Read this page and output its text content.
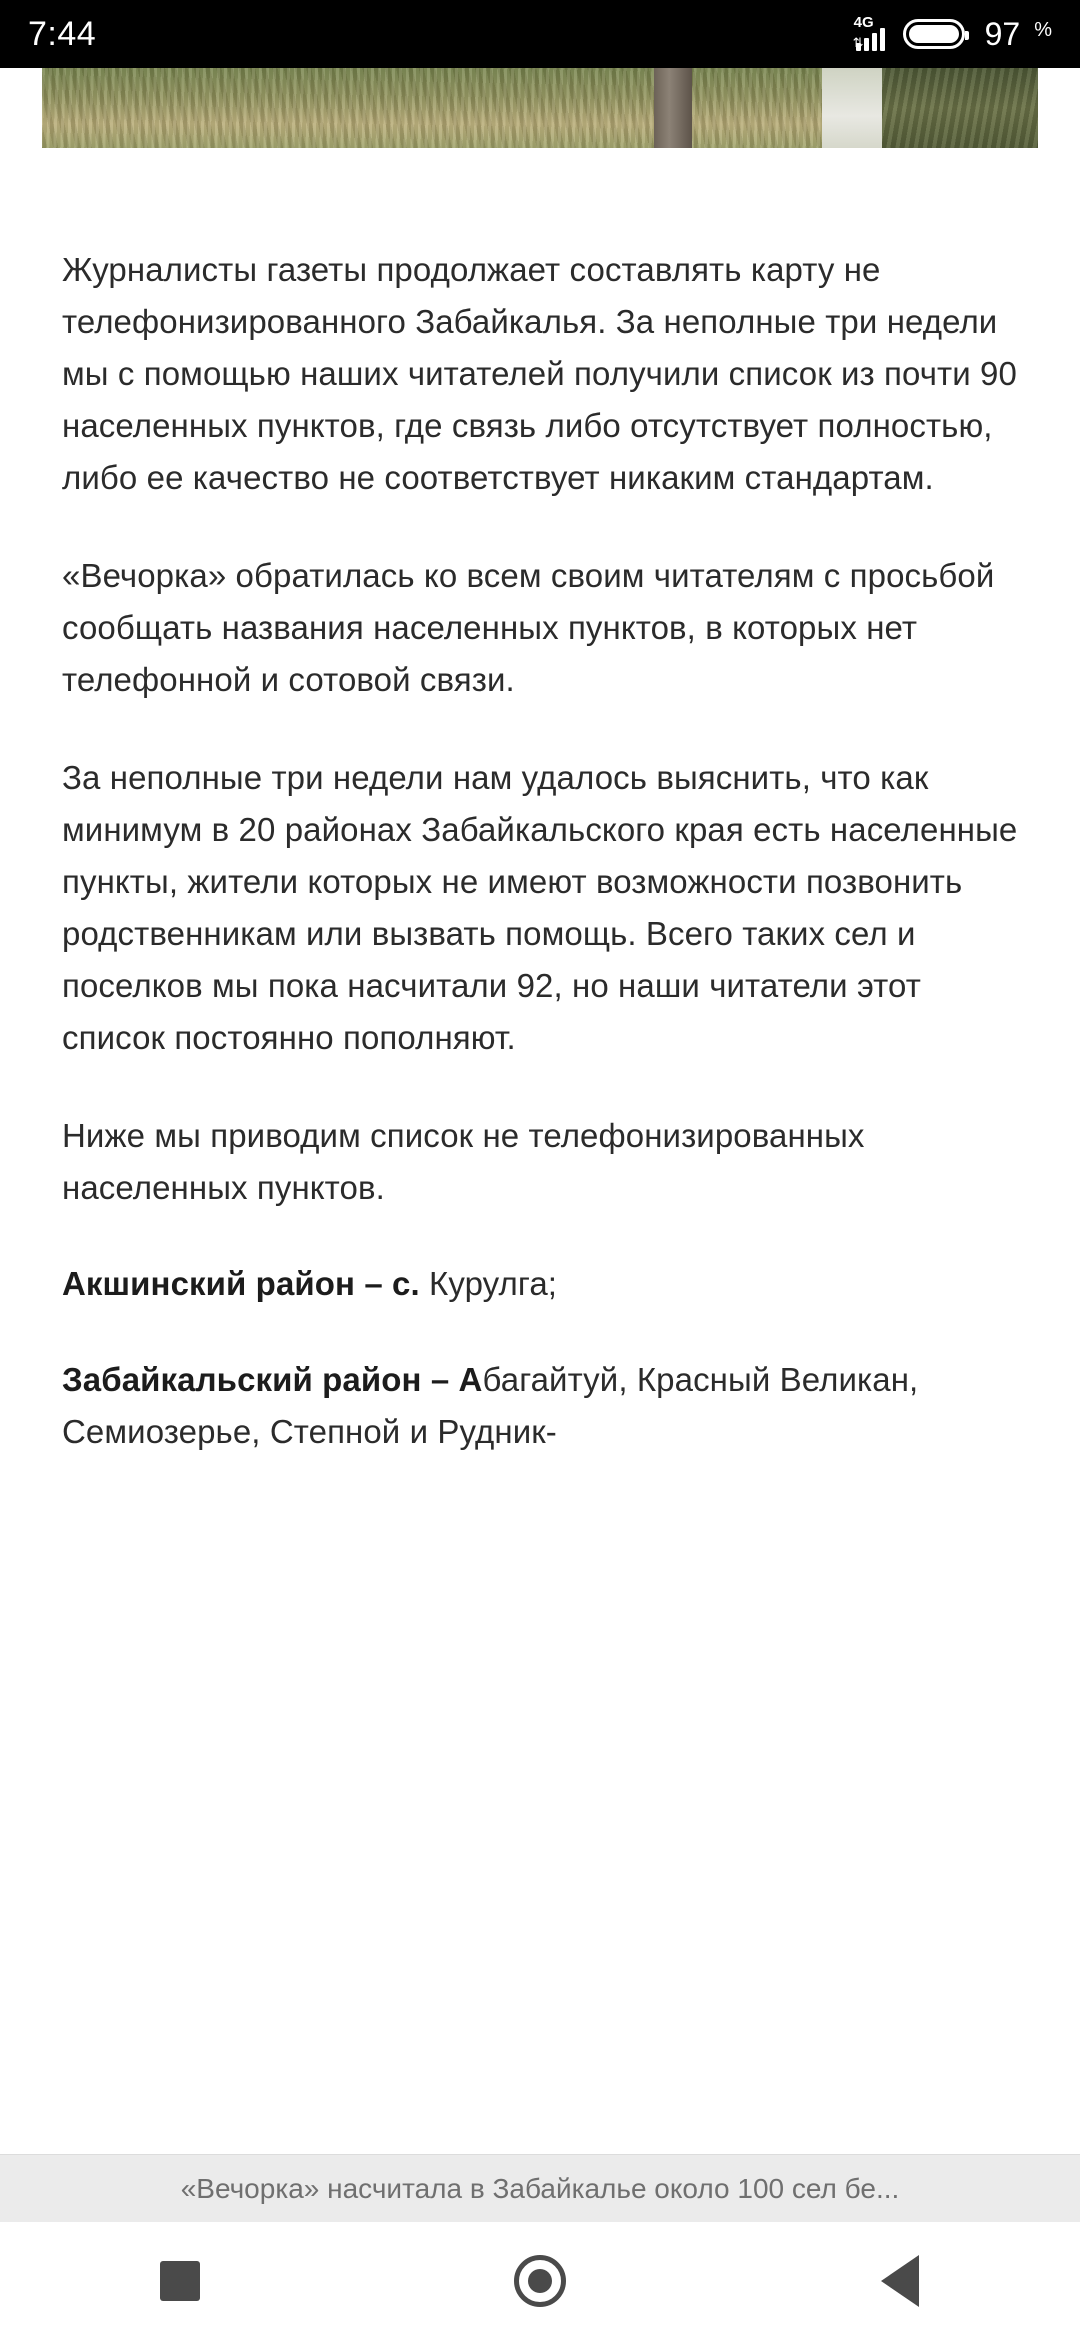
7:44	4G
⇅	97 %

Журналисты газеты продолжает составлять карту не телефонизированного Забайкалья. За неполные три недели мы с помощью наших читателей получили список из почти 90 населенных пунктов, где связь либо отсутствует полностью, либо ее качество не соответствует никаким стандартам.

«Вечорка» обратилась ко всем своим читателям с просьбой сообщать названия населенных пунктов, в которых нет телефонной и сотовой связи.

За неполные три недели нам удалось выяснить, что как минимум в 20 районах Забайкальского края есть населенные пункты, жители которых не имеют возможности позвонить родственникам или вызвать помощь. Всего таких сел и поселков мы пока насчитали 92, но наши читатели этот список постоянно пополняют.

Ниже мы приводим список не телефонизированных населенных пунктов.

Акшинский район – с. Курулга;

Забайкальский район – Абагайтуй, Красный Великан, Семиозерье, Степной и Рудник-

«Вечорка» насчитала в Забайкалье около 100 сел бе...
